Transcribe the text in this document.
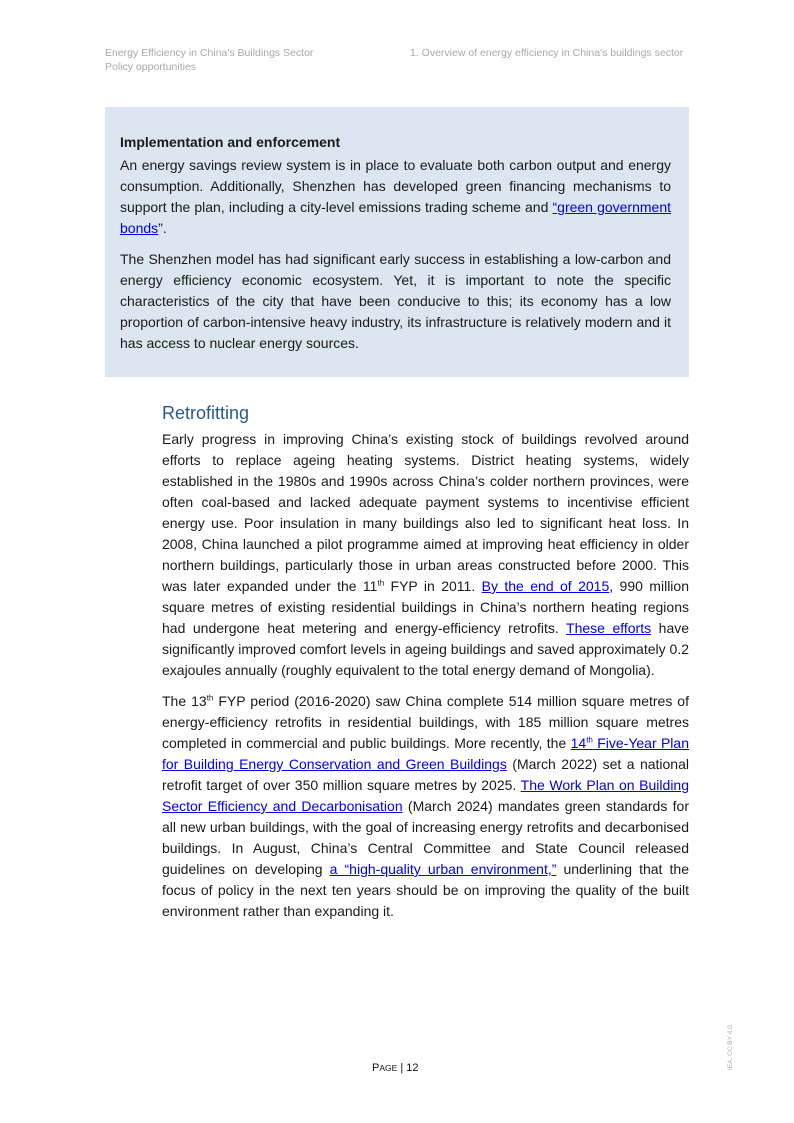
Energy Efficiency in China's Buildings Sector
Policy opportunities
1. Overview of energy efficiency in China's buildings sector
Implementation and enforcement

An energy savings review system is in place to evaluate both carbon output and energy consumption. Additionally, Shenzhen has developed green financing mechanisms to support the plan, including a city-level emissions trading scheme and “green government bonds”.

The Shenzhen model has had significant early success in establishing a low-carbon and energy efficiency economic ecosystem. Yet, it is important to note the specific characteristics of the city that have been conducive to this; its economy has a low proportion of carbon-intensive heavy industry, its infrastructure is relatively modern and it has access to nuclear energy sources.

Retrofitting

Early progress in improving China’s existing stock of buildings revolved around efforts to replace ageing heating systems. District heating systems, widely established in the 1980s and 1990s across China’s colder northern provinces, were often coal-based and lacked adequate payment systems to incentivise efficient energy use. Poor insulation in many buildings also led to significant heat loss. In 2008, China launched a pilot programme aimed at improving heat efficiency in older northern buildings, particularly those in urban areas constructed before 2000. This was later expanded under the 11th FYP in 2011. By the end of 2015, 990 million square metres of existing residential buildings in China’s northern heating regions had undergone heat metering and energy-efficiency retrofits. These efforts have significantly improved comfort levels in ageing buildings and saved approximately 0.2 exajoules annually (roughly equivalent to the total energy demand of Mongolia).

The 13th FYP period (2016-2020) saw China complete 514 million square metres of energy-efficiency retrofits in residential buildings, with 185 million square metres completed in commercial and public buildings. More recently, the 14th Five-Year Plan for Building Energy Conservation and Green Buildings (March 2022) set a national retrofit target of over 350 million square metres by 2025. The Work Plan on Building Sector Efficiency and Decarbonisation (March 2024) mandates green standards for all new urban buildings, with the goal of increasing energy retrofits and decarbonised buildings. In August, China’s Central Committee and State Council released guidelines on developing a “high-quality urban environment,” underlining that the focus of policy in the next ten years should be on improving the quality of the built environment rather than expanding it.

PAGE | 12	IEA. CC BY 4.0.
